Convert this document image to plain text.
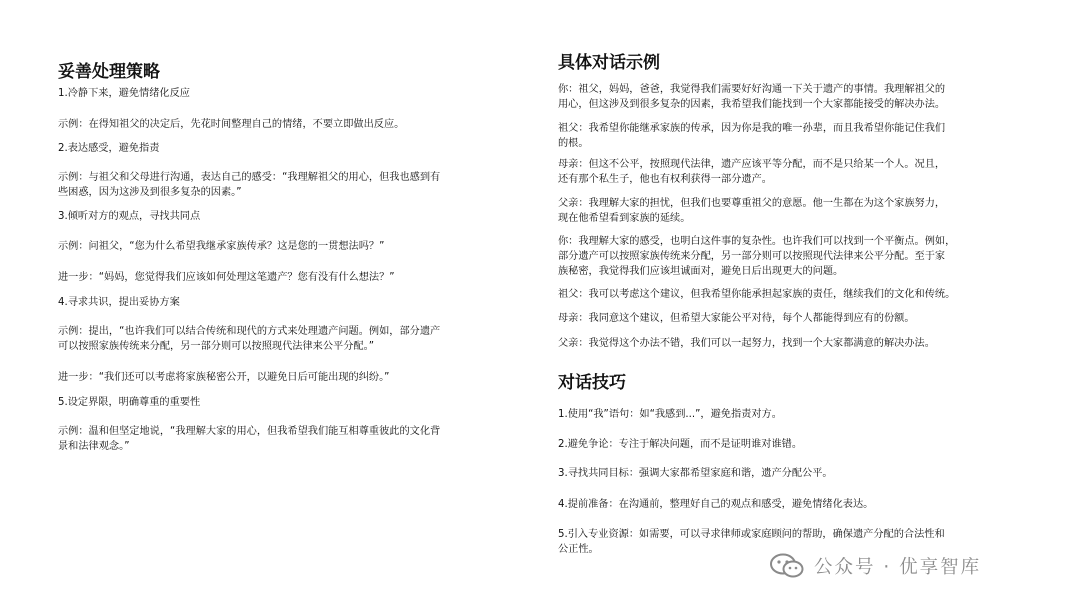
妥善处理策略
1.冷静下来，避免情绪化反应
示例：在得知祖父的决定后，先花时间整理自己的情绪，不要立即做出反应。
2.表达感受，避免指责
示例：与祖父和父母进行沟通，表达自己的感受：“我理解祖父的用心，但我也感到有
些困惑，因为这涉及到很多复杂的因素。”
3.倾听对方的观点，寻找共同点
示例：问祖父，“您为什么希望我继承家族传承？这是您的一贯想法吗？”
进一步：“妈妈，您觉得我们应该如何处理这笔遗产？您有没有什么想法？”
4.寻求共识，提出妥协方案
示例：提出，“也许我们可以结合传统和现代的方式来处理遗产问题。例如，部分遗产
可以按照家族传统来分配，另一部分则可以按照现代法律来公平分配。”
进一步：“我们还可以考虑将家族秘密公开，以避免日后可能出现的纠纷。”
5.设定界限，明确尊重的重要性
示例：温和但坚定地说，“我理解大家的用心，但我希望我们能互相尊重彼此的文化背
景和法律观念。”
具体对话示例
你：祖父，妈妈，爸爸，我觉得我们需要好好沟通一下关于遗产的事情。我理解祖父的
用心，但这涉及到很多复杂的因素，我希望我们能找到一个大家都能接受的解决办法。
祖父：我希望你能继承家族的传承，因为你是我的唯一孙辈，而且我希望你能记住我们
的根。
母亲：但这不公平，按照现代法律，遗产应该平等分配，而不是只给某一个人。况且，
还有那个私生子，他也有权利获得一部分遗产。
父亲：我理解大家的担忧，但我们也要尊重祖父的意愿。他一生都在为这个家族努力，
现在他希望看到家族的延续。
你：我理解大家的感受，也明白这件事的复杂性。也许我们可以找到一个平衡点。例如，
部分遗产可以按照家族传统来分配，另一部分则可以按照现代法律来公平分配。至于家
族秘密，我觉得我们应该坦诚面对，避免日后出现更大的问题。
祖父：我可以考虑这个建议，但我希望你能承担起家族的责任，继续我们的文化和传统。
母亲：我同意这个建议，但希望大家能公平对待，每个人都能得到应有的份额。
父亲：我觉得这个办法不错，我们可以一起努力，找到一个大家都满意的解决办法。
对话技巧
1.使用“我”语句：如“我感到...”，避免指责对方。
2.避免争论：专注于解决问题，而不是证明谁对谁错。
3.寻找共同目标：强调大家都希望家庭和谐，遗产分配公平。
4.提前准备：在沟通前，整理好自己的观点和感受，避免情绪化表达。
5.引入专业资源：如需要，可以寻求律师或家庭顾问的帮助，确保遗产分配的合法性和
公正性。
公众号 · 优享智库
